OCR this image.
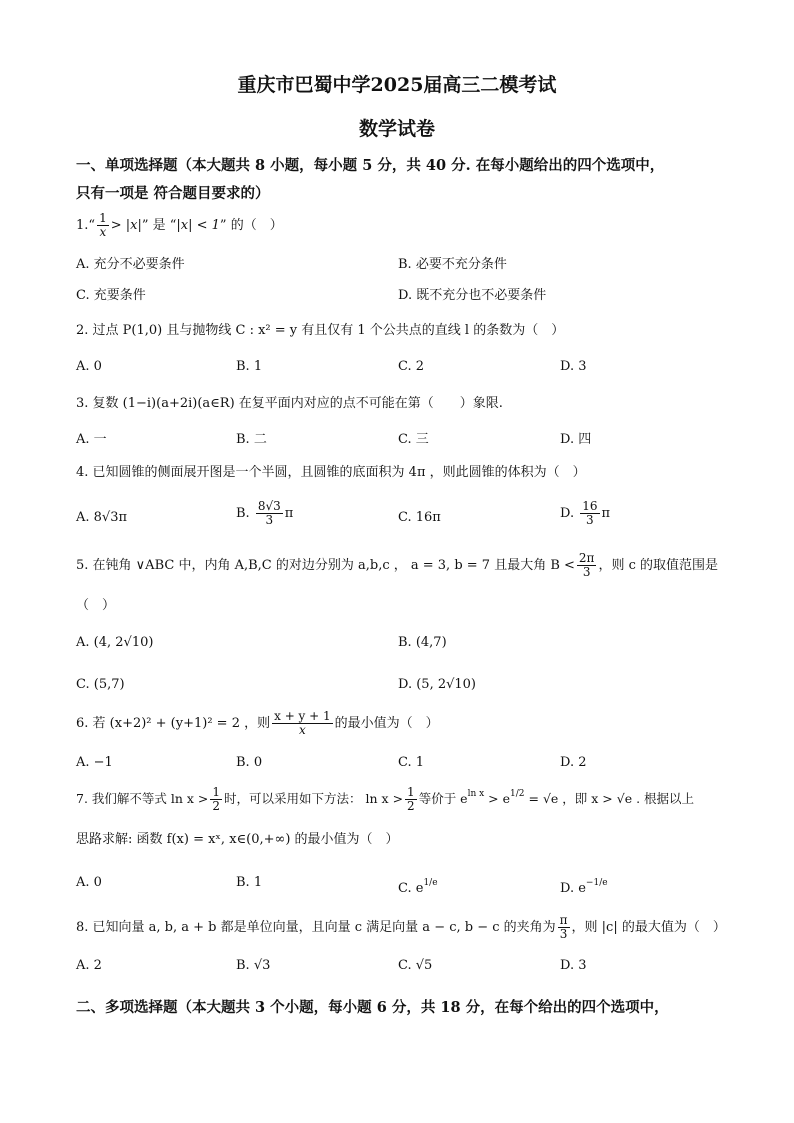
重庆市巴蜀中学2025届高三二模考试
数学试卷
一、单项选择题（本大题共 8 小题，每小题 5 分，共 40 分. 在每小题给出的四个选项中，
只有一项是 符合题目要求的）
1.“ $\frac{1}{x} > |x|$” 是 “|x| < 1” 的（　）
A. 充分不必要条件	B. 必要不充分条件
C. 充要条件	D. 既不充分也不必要条件
2. 过点 P(1,0) 且与抛物线 C : x² = y 有且仅有 1 个公共点的直线 l 的条数为（　）
A. 0	B. 1	C. 2	D. 3
3. 复数 (1−i)(a+2i)(a∈R) 在复平面内对应的点不可能在第（　　）象限.
A. 一	B. 二	C. 三	D. 四
4. 已知圆锥的侧面展开图是一个半圆，且圆锥的底面积为 4π ，则此圆锥的体积为（　）
A. 8√3π	B. $\frac{8√3}{3}$ π	C. 16π	D. $\frac{16}{3}$ π
5. 在钝角 ∨ABC 中，内角 A,B,C 的对边分别为 a,b,c ， a = 3, b = 7 且最大角 $B < \frac{2\pi}{3}$ ，则 c 的取值范围是
（　）
A. (4, 2√10)	B. (4,7)
C. (5,7)	D. (5, 2√10)
6. 若 (x+2)² + (y+1)² = 2 ，则 $\frac{x + y + 1}{x}$ 的最小值为（　）
A. −1	B. 0	C. 1	D. 2
7. 我们解不等式 $\ln x > \frac{1}{2}$ 时，可以采用如下方法： $\ln x > \frac{1}{2}$ 等价于 $e^{ln x} > e^{1/2} = √e$ ，即 x > √e . 根据以上
思路求解: 函数 f(x) = xˣ, x∈(0,+∞) 的最小值为（　）
A. 0	B. 1	C. $e^{1/e}$	D. $e^{-1/e}$
8. 已知向量 a, b, a + b 都是单位向量，且向量 c 满足向量 a − c, b − c 的夹角为 $\frac{\pi}{3}$ ，则 |c| 的最大值为（　）
A. 2	B. √3	C. √5	D. 3
二、多项选择题（本大题共 3 个小题，每小题 6 分，共 18 分，在每个给出的四个选项中，
